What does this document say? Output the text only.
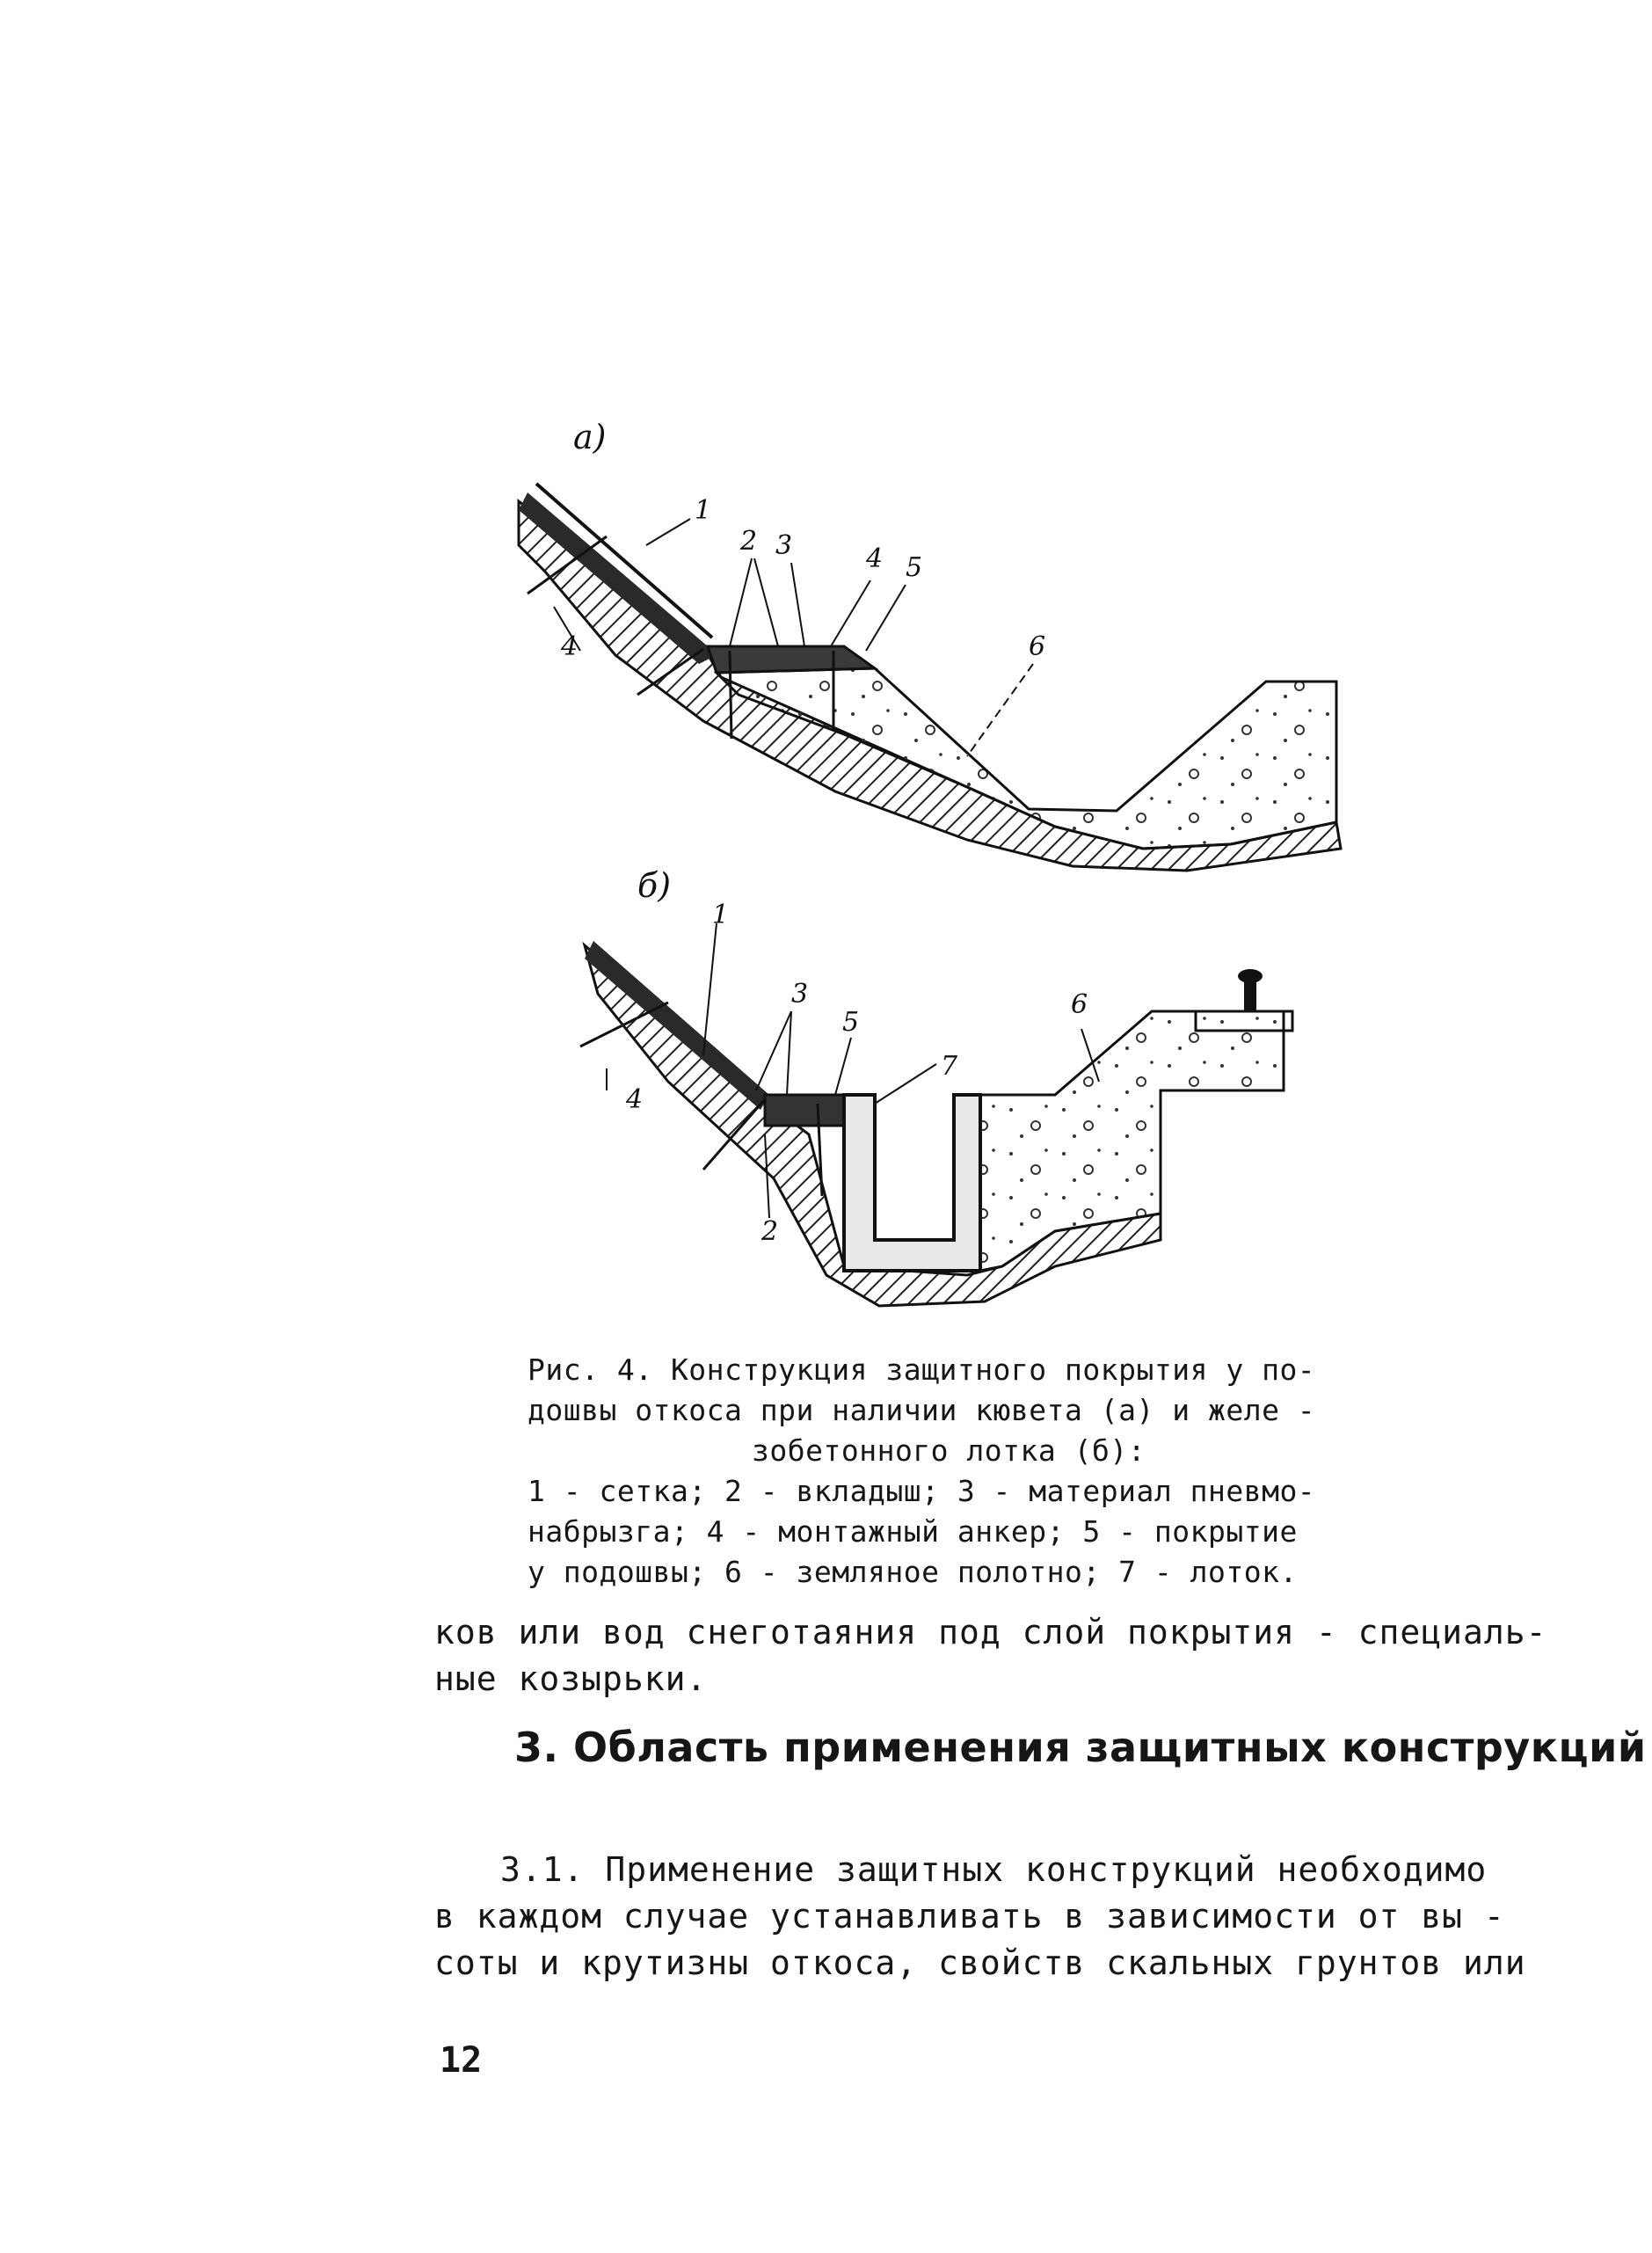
а)
1
2 3	4 5
4	6
б)
1
3
5
6
7
4
2

Рис. 4. Конструкция защитного покрытия у по-

дошвы откоса при наличии кювета (а) и желе -

зобетонного лотка (б):

1 - сетка; 2 - вкладыш; 3 - материал пневмо-

набрызга; 4 - монтажный анкер; 5 - покрытие

у подошвы; 6 - земляное полотно; 7 - лоток.

ков или вод снеготаяния под слой покрытия - специаль-

ные козырьки.

3. Область применения защитных конструкций

3.1. Применение защитных конструкций необходимо

в каждом случае устанавливать в зависимости от вы -

соты и крутизны откоса, свойств скальных грунтов или

12
